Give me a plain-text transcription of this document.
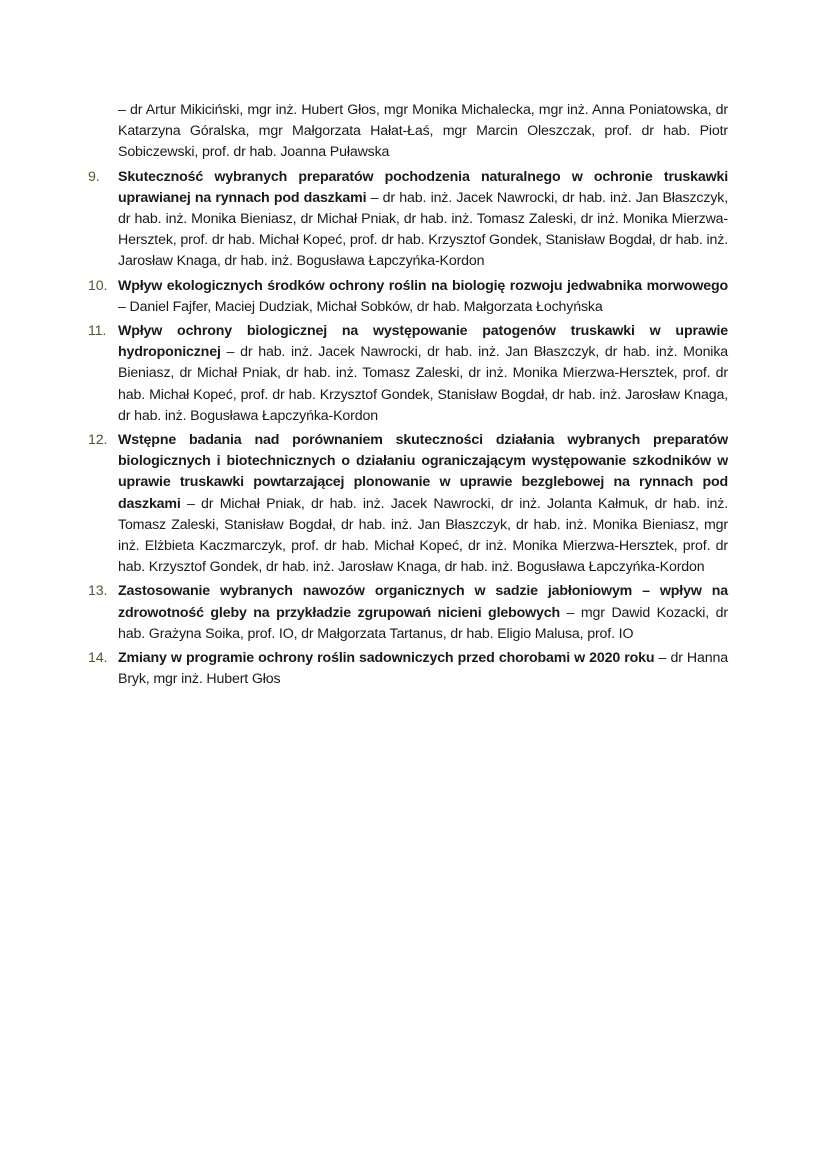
– dr Artur Mikiciński, mgr inż. Hubert Głos, mgr Monika Michalecka, mgr inż. Anna Poniatowska, dr Katarzyna Góralska, mgr Małgorzata Hałat-Łaś, mgr Marcin Oleszczak, prof. dr hab. Piotr Sobiczewski, prof. dr hab. Joanna Puławska

9.	Skuteczność wybranych preparatów pochodzenia naturalnego w ochronie truskawki uprawianej na rynnach pod daszkami – dr hab. inż. Jacek Nawrocki, dr hab. inż. Jan Błaszczyk, dr hab. inż. Monika Bieniasz, dr Michał Pniak, dr hab. inż. Tomasz Zaleski, dr inż. Monika Mierzwa-Hersztek, prof. dr hab. Michał Kopeć, prof. dr hab. Krzysztof Gondek, Stanisław Bogdał, dr hab. inż. Jarosław Knaga, dr hab. inż. Bogusława Łapczyńka-Kordon
10. Wpływ ekologicznych środków ochrony roślin na biologię rozwoju jedwabnika morwowego – Daniel Fajfer, Maciej Dudziak, Michał Sobków, dr hab. Małgorzata Łochyńska
11. Wpływ ochrony biologicznej na występowanie patogenów truskawki w uprawie hydroponicznej – dr hab. inż. Jacek Nawrocki, dr hab. inż. Jan Błaszczyk, dr hab. inż. Monika Bieniasz, dr Michał Pniak, dr hab. inż. Tomasz Zaleski, dr inż. Monika Mierzwa-Hersztek, prof. dr hab. Michał Kopeć, prof. dr hab. Krzysztof Gondek, Stanisław Bogdał, dr hab. inż. Jarosław Knaga, dr hab. inż. Bogusława Łapczyńka-Kordon
12. Wstępne badania nad porównaniem skuteczności działania wybranych preparatów biologicznych i biotechnicznych o działaniu ograniczającym występowanie szkodników w uprawie truskawki powtarzającej plonowanie w uprawie bezglebowej na rynnach pod daszkami – dr Michał Pniak, dr hab. inż. Jacek Nawrocki, dr inż. Jolanta Kałmuk, dr hab. inż. Tomasz Zaleski, Stanisław Bogdał, dr hab. inż. Jan Błaszczyk, dr hab. inż. Monika Bieniasz, mgr inż. Elżbieta Kaczmarczyk, prof. dr hab. Michał Kopeć, dr inż. Monika Mierzwa-Hersztek, prof. dr hab. Krzysztof Gondek, dr hab. inż. Jarosław Knaga, dr hab. inż. Bogusława Łapczyńka-Kordon
13. Zastosowanie wybranych nawozów organicznych w sadzie jabłoniowym – wpływ na zdrowotność gleby na przykładzie zgrupowań nicieni glebowych – mgr Dawid Kozacki, dr hab. Grażyna Soika, prof. IO, dr Małgorzata Tartanus, dr hab. Eligio Malusa, prof. IO
14. Zmiany w programie ochrony roślin sadowniczych przed chorobami w 2020 roku – dr Hanna Bryk, mgr inż. Hubert Głos
